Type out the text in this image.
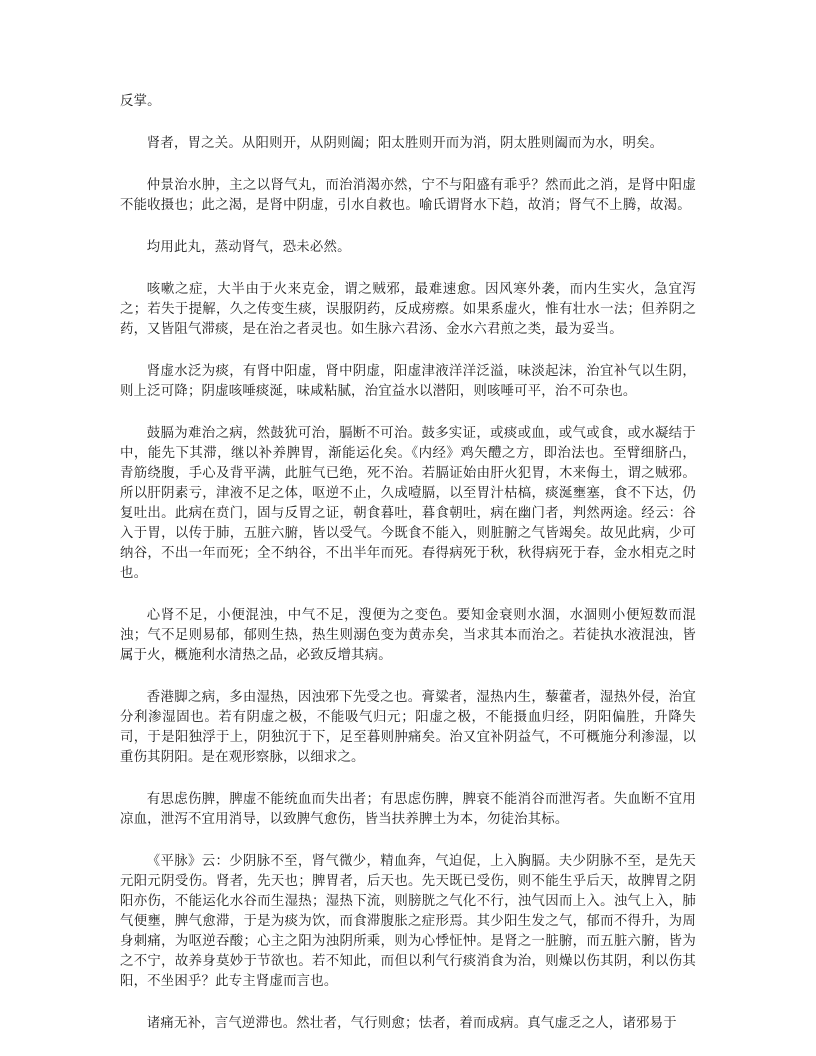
反掌。

肾者，胃之关。从阳则开，从阴则阖；阳太胜则开而为消，阴太胜则阖而为水，明矣。

仲景治水肿，主之以肾气丸，而治消渴亦然，宁不与阳盛有乖乎？然而此之消，是肾中阳虚不能收摄也；此之渴，是肾中阴虚，引水自救也。喻氏谓肾水下趋，故消；肾气不上腾，故渴。

均用此丸，蒸动肾气，恐未必然。

咳嗽之症，大半由于火来克金，谓之贼邪，最难速愈。因风寒外袭，而内生实火，急宜泻之；若失于提解，久之传变生痰，误服阴药，反成痨瘵。如果系虚火，惟有壮水一法；但养阴之药，又皆阻气滞痰，是在治之者灵也。如生脉六君汤、金水六君煎之类，最为妥当。

肾虚水泛为痰，有肾中阳虚，肾中阴虚，阳虚津液洋洋泛溢，味淡起沫，治宜补气以生阴，则上泛可降；阴虚咳唾痰涎，味咸粘腻，治宜益水以潜阳，则咳唾可平，治不可杂也。

鼓膈为难治之病，然鼓犹可治，膈断不可治。鼓多实证，或痰或血，或气或食，或水凝结于中，能先下其滞，继以补养脾胃，渐能运化矣。《内经》鸡矢醴之方，即治法也。至臂细脐凸，青筋绕腹，手心及背平满，此脏气已绝，死不治。若膈证始由肝火犯胃，木来侮土，谓之贼邪。所以肝阴素亏，津液不足之体，呕逆不止，久成噎膈，以至胃汁枯槁，痰涎壅塞，食不下达，仍复吐出。此病在贲门，固与反胃之证，朝食暮吐，暮食朝吐，病在幽门者，判然两途。经云：谷入于胃，以传于肺，五脏六腑，皆以受气。今既食不能入，则脏腑之气皆竭矣。故见此病，少可纳谷，不出一年而死；全不纳谷，不出半年而死。春得病死于秋，秋得病死于春，金水相克之时也。

心肾不足，小便混浊，中气不足，溲便为之变色。要知金衰则水涸，水涸则小便短数而混浊；气不足则易郁，郁则生热，热生则溺色变为黄赤矣，当求其本而治之。若徒执水液混浊，皆属于火，概施利水清热之品，必致反增其病。

香港脚之病，多由湿热，因浊邪下先受之也。膏粱者，湿热内生，藜藿者，湿热外侵，治宜分利渗湿固也。若有阴虚之极，不能吸气归元；阳虚之极，不能摄血归经，阴阳偏胜，升降失司，于是阳独浮于上，阴独沉于下，足至暮则肿痛矣。治又宜补阴益气，不可概施分利渗湿，以重伤其阴阳。是在观形察脉，以细求之。

有思虑伤脾，脾虚不能统血而失出者；有思虑伤脾，脾衰不能消谷而泄泻者。失血断不宜用凉血，泄泻不宜用消导，以致脾气愈伤，皆当扶养脾土为本，勿徒治其标。

《平脉》云：少阴脉不至，肾气微少，精血奔，气迫促，上入胸膈。夫少阴脉不至，是先天元阳元阴受伤。肾者，先天也；脾胃者，后天也。先天既已受伤，则不能生乎后天，故脾胃之阴阳亦伤，不能运化水谷而生湿热；湿热下流，则膀胱之气化不行，浊气因而上入。浊气上入，肺气便壅，脾气愈滞，于是为痰为饮，而食滞腹胀之症形焉。其少阳生发之气，郁而不得升，为周身刺痛，为呕逆吞酸；心主之阳为浊阴所乘，则为心悸怔忡。是肾之一脏腑，而五脏六腑，皆为之不宁，故养身莫妙于节欲也。若不知此，而但以利气行痰消食为治，则燥以伤其阴，利以伤其阳，不坐困乎？此专主肾虚而言也。

诸痛无补，言气逆滞也。然壮者，气行则愈；怯者，着而成病。真气虚乏之人，诸邪易于
